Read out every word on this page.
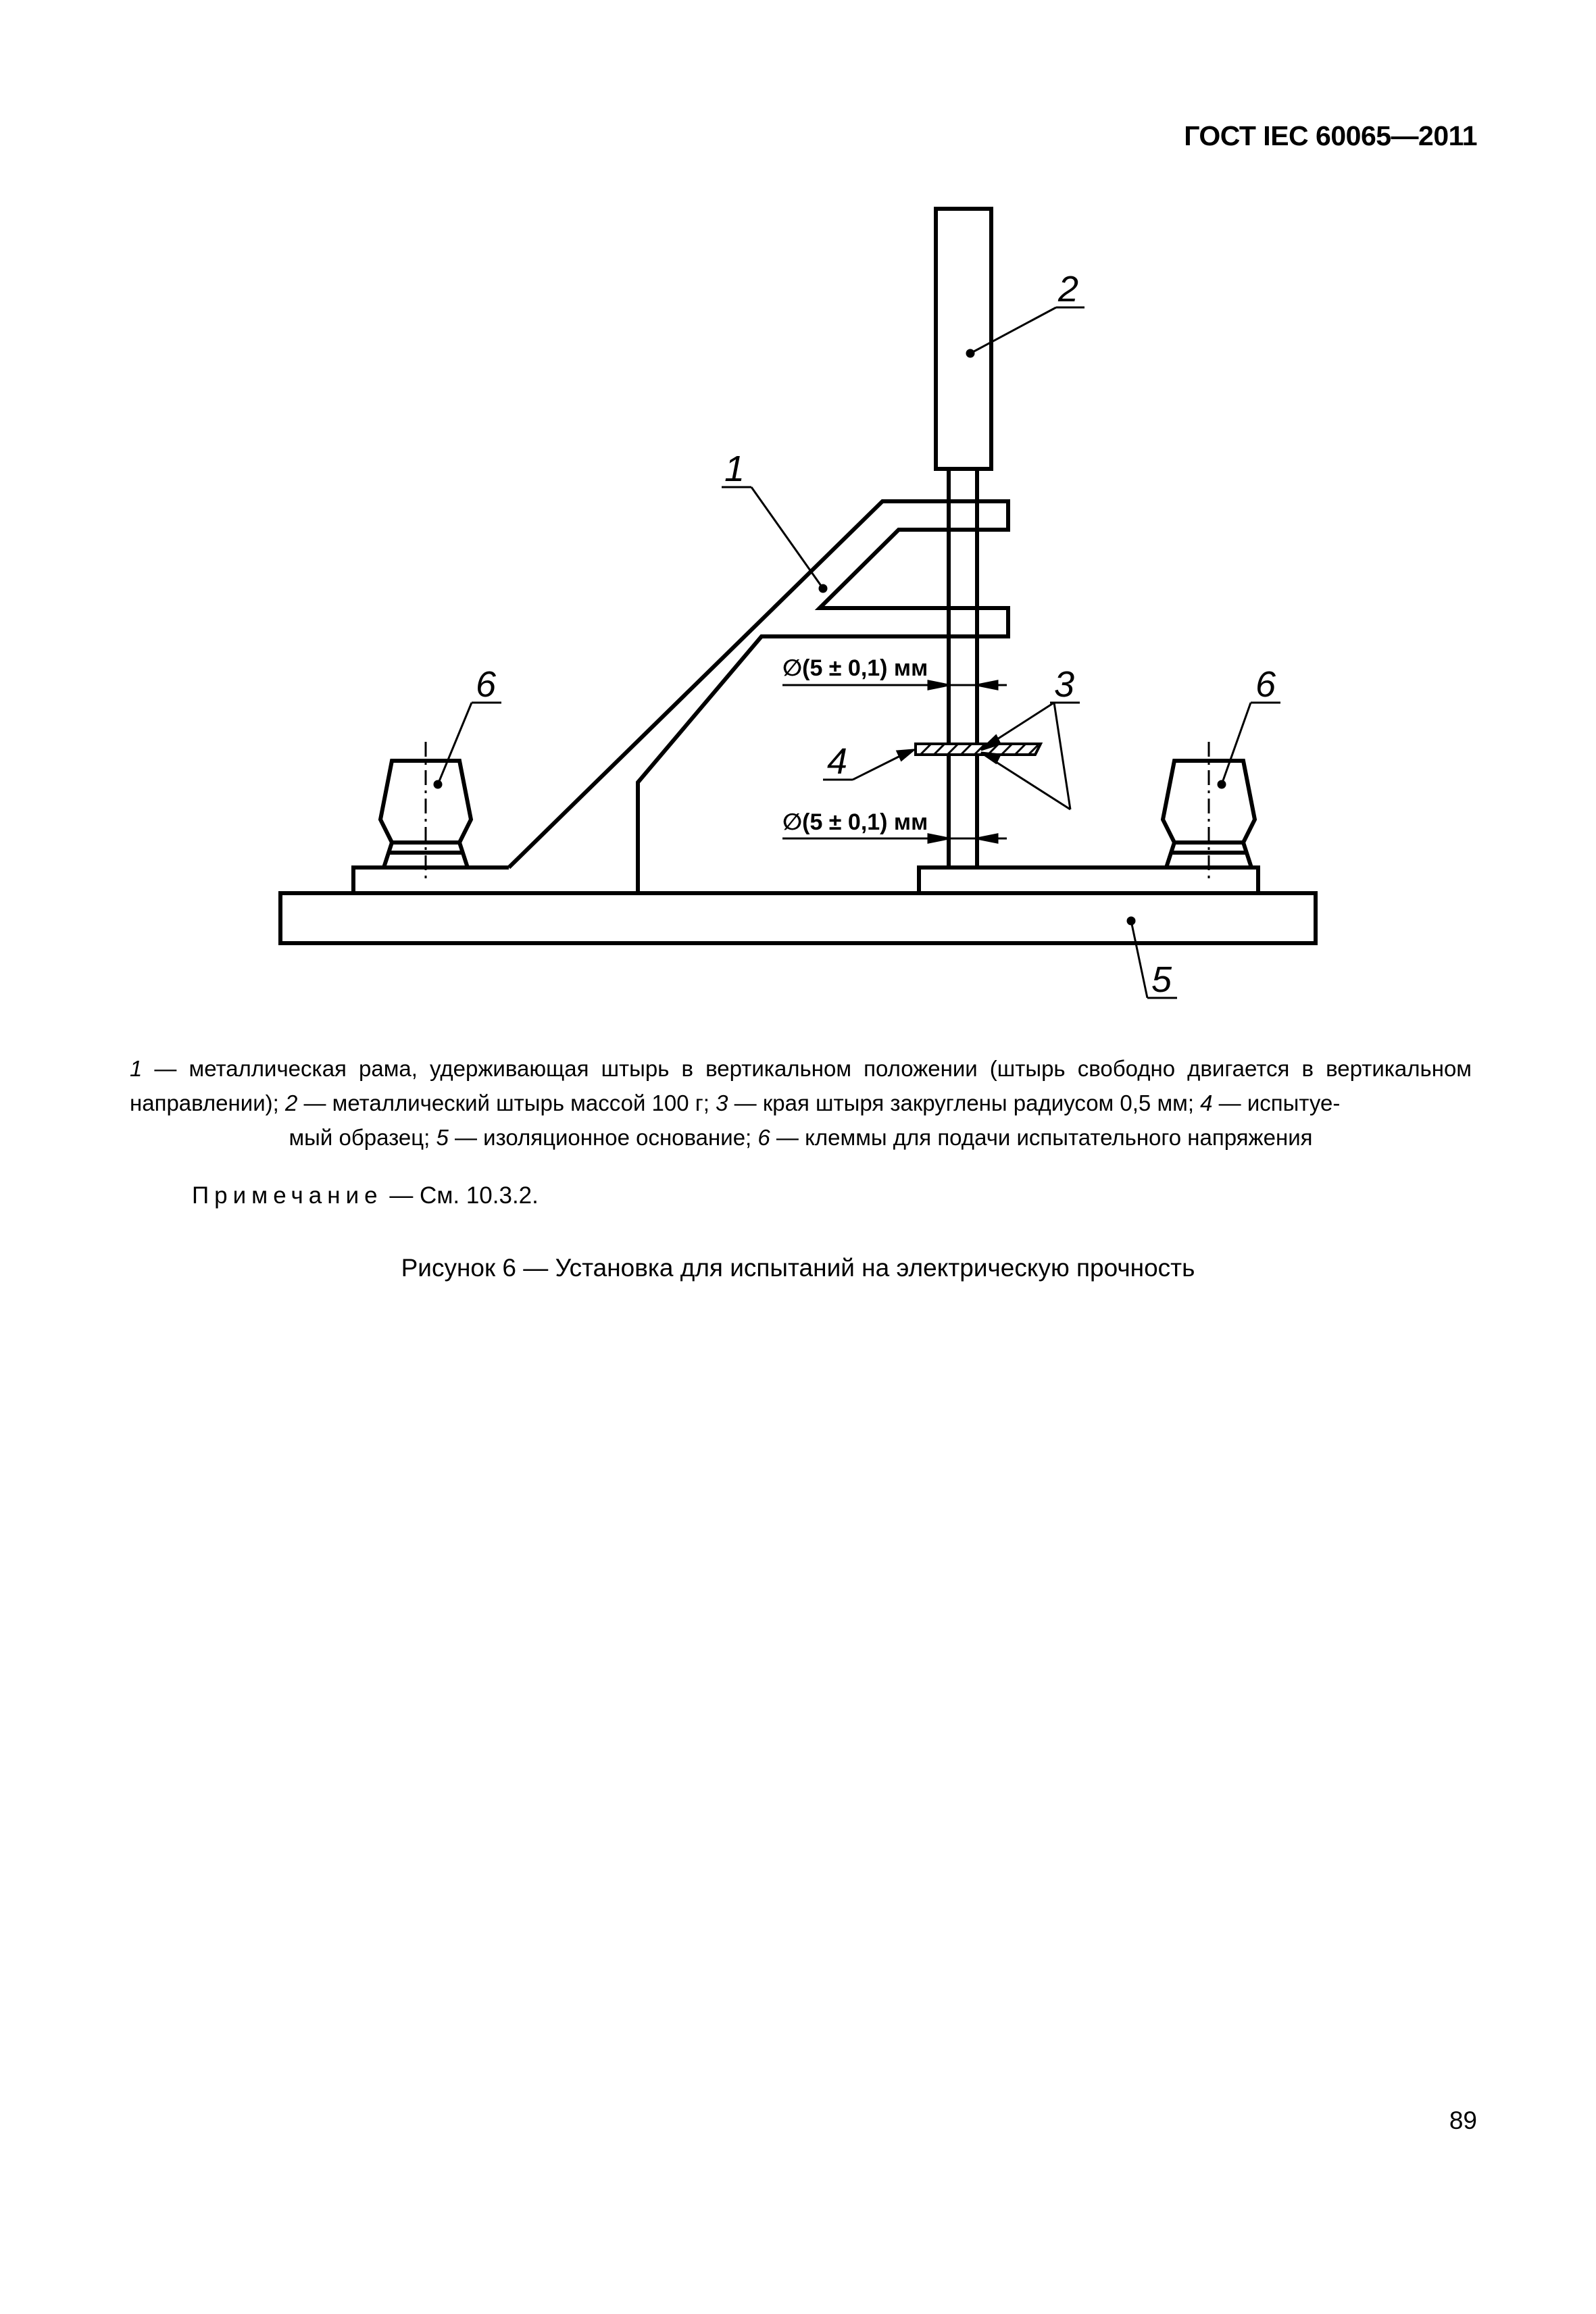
ГОСТ IEC 60065—2011
∅(5 ± 0,1) мм
∅(5 ± 0,1) мм
2
1
6	3	6
4
5
1 — металлическая рама, удерживающая штырь в вертикальном положении (штырь свободно двигается в вертикальном направлении); 2 — металлический штырь массой 100 г; 3 — края штыря закруглены радиусом 0,5 мм; 4 — испытуе-
мый образец; 5 — изоляционное основание; 6 — клеммы для подачи испытательного напряжения
Примечание — См. 10.3.2.
Рисунок 6 — Установка для испытаний на электрическую прочность
89
